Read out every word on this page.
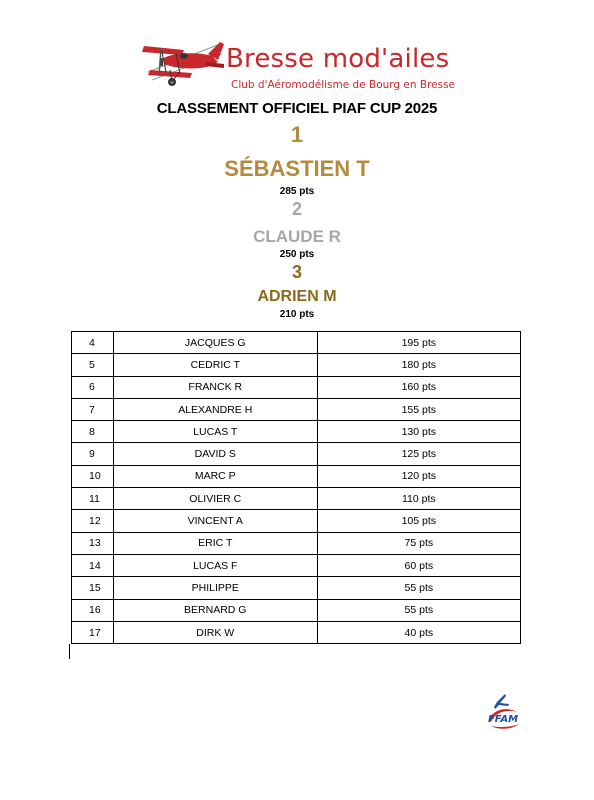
Bresse mod'ailes
Club d'Aéromodélisme de Bourg en Bresse
CLASSEMENT OFFICIEL PIAF CUP 2025
1
SÉBASTIEN T
285 pts
2
CLAUDE R
250 pts
3
ADRIEN M
210 pts
4	JACQUES G	195 pts
5	CEDRIC T	180 pts
6	FRANCK R	160 pts
7	ALEXANDRE H	155 pts
8	LUCAS T	130 pts
9	DAVID S	125 pts
10	MARC P	120 pts
11	OLIVIER C	110 pts
12	VINCENT A	105 pts
13	ERIC T	75 pts
14	LUCAS F	60 pts
15	PHILIPPE	55 pts
16	BERNARD G	55 pts
17	DIRK W	40 pts
FFAM
